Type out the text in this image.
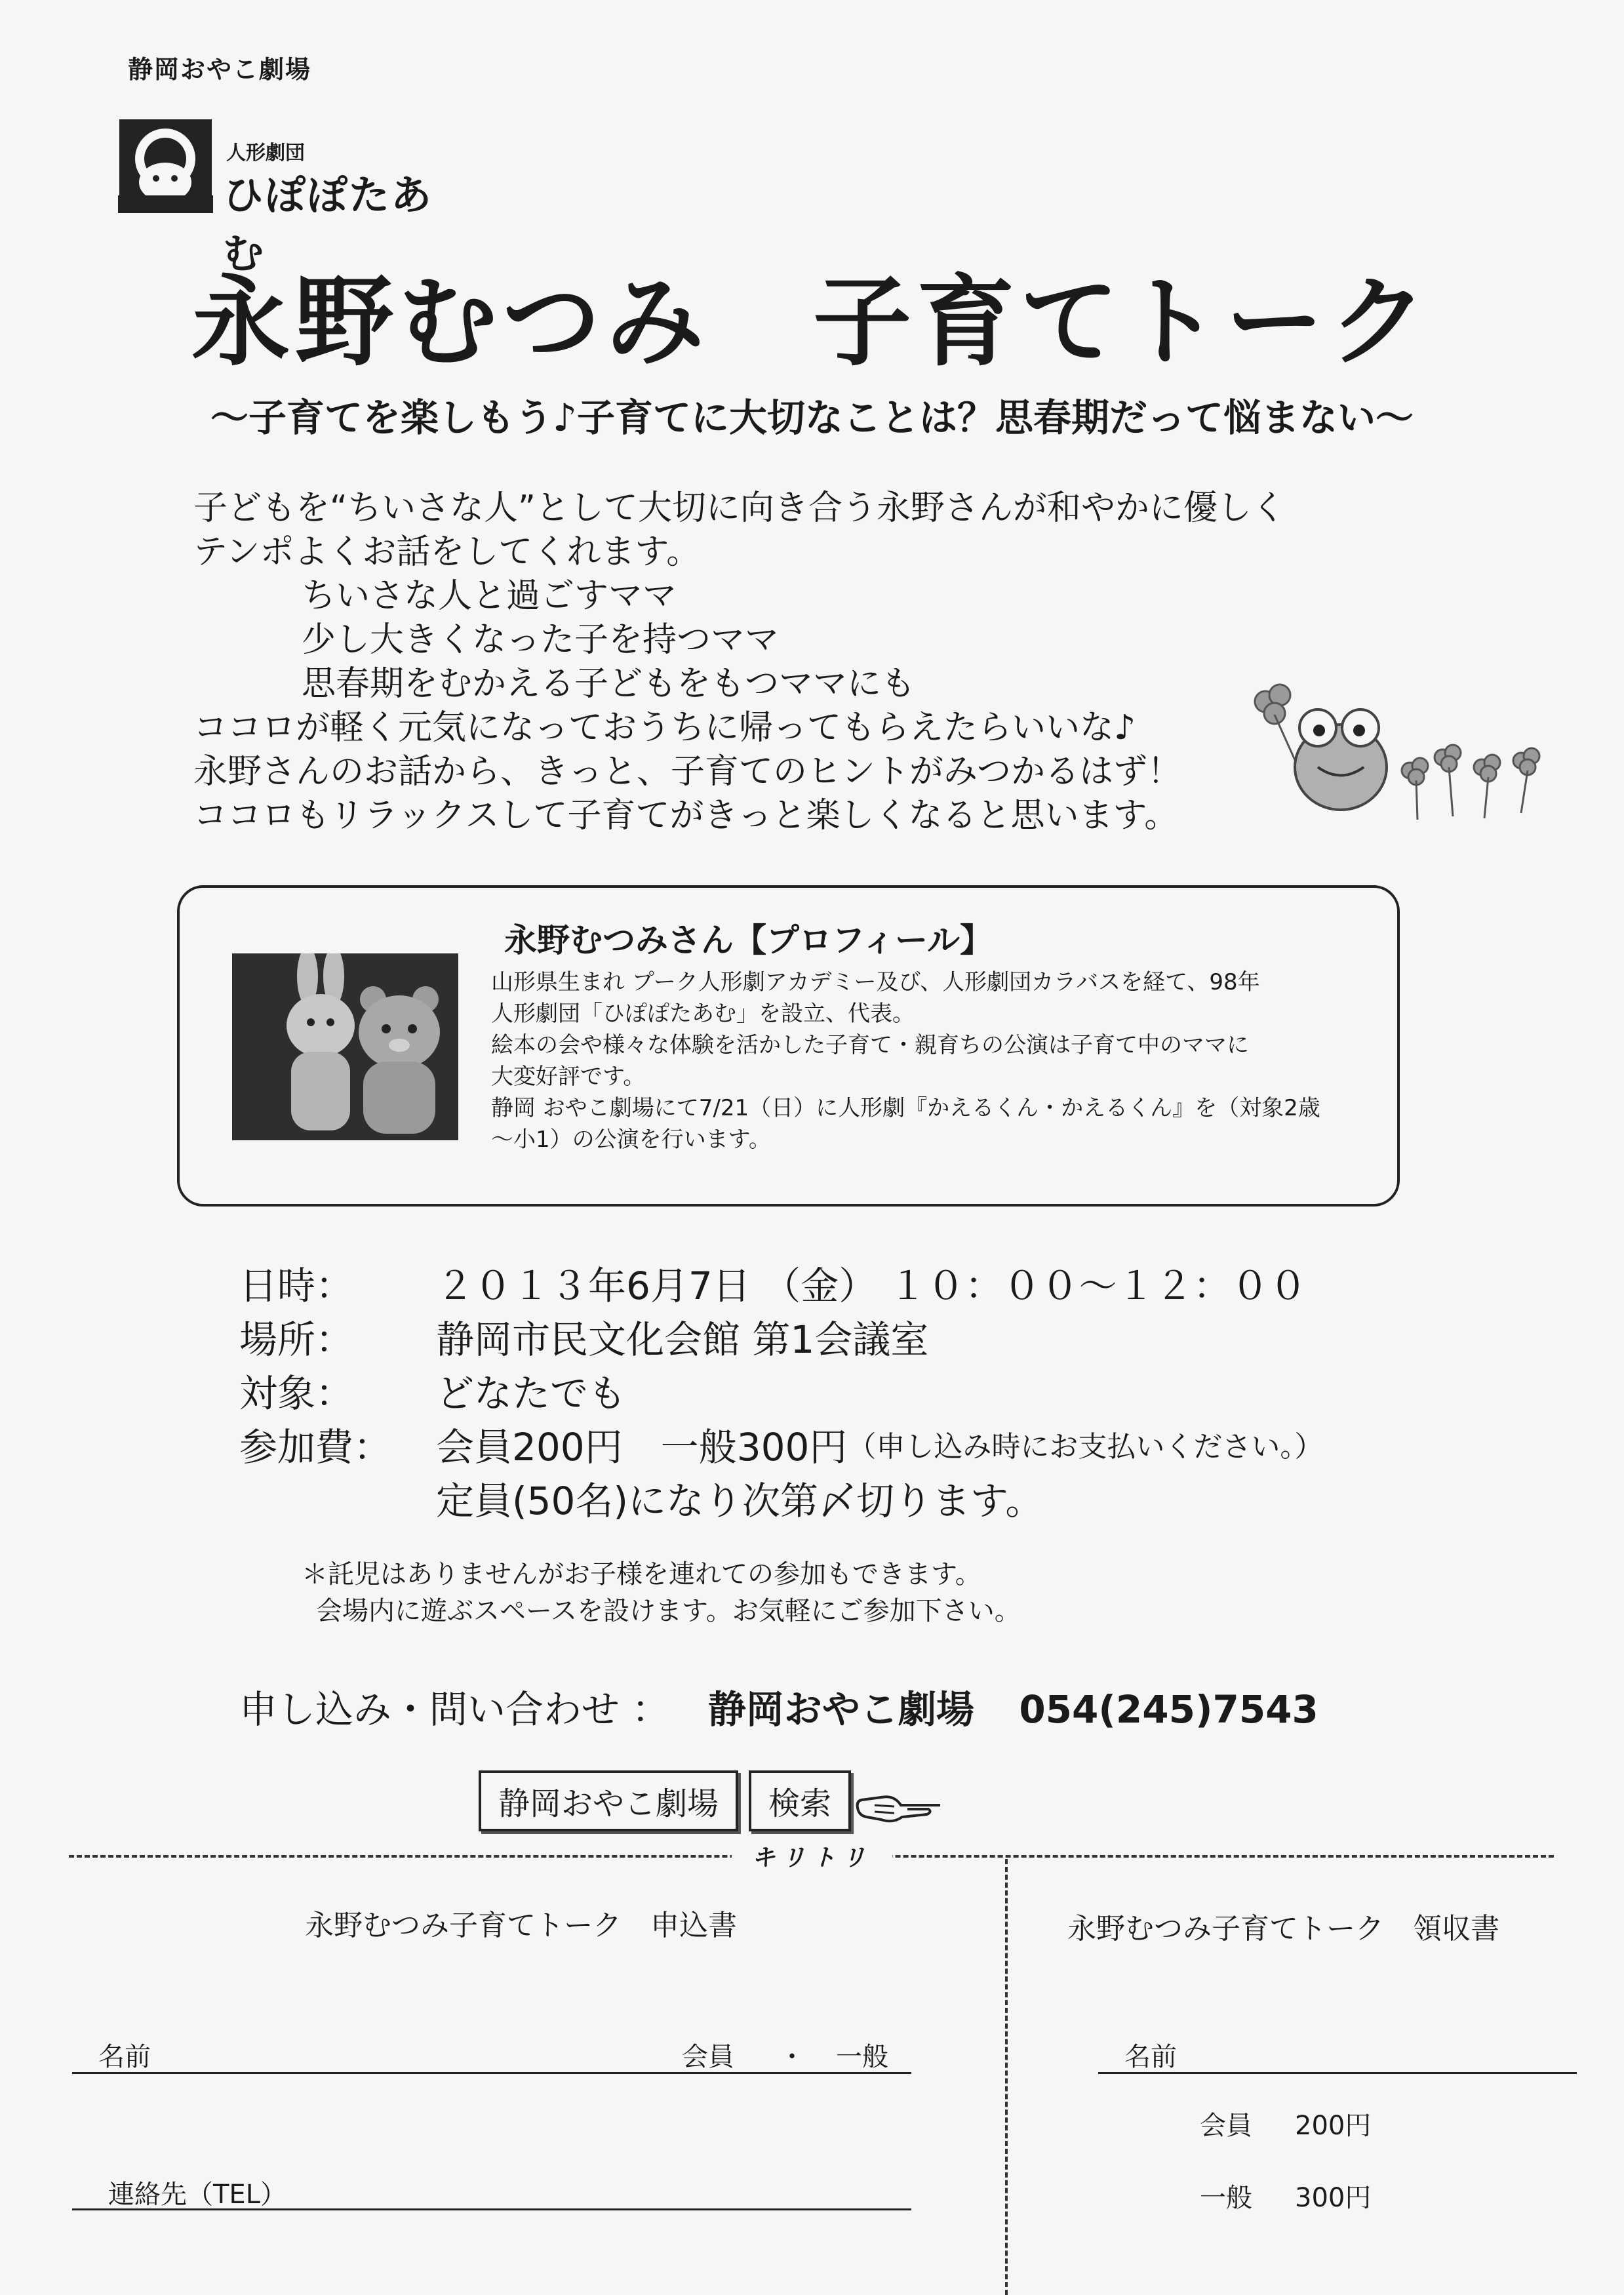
静岡おやこ劇場
人形劇団
ひぽぽたあむ
永野むつみ　子育てトーク
～子育てを楽しもう♪子育てに大切なことは？思春期だって悩まない～
子どもを“ちいさな人”として大切に向き合う永野さんが和やかに優しく
テンポよくお話をしてくれます。
ちいさな人と過ごすママ
少し大きくなった子を持つママ
思春期をむかえる子どもをもつママにも
ココロが軽く元気になっておうちに帰ってもらえたらいいな♪
永野さんのお話から、きっと、子育てのヒントがみつかるはず！
ココロもリラックスして子育てがきっと楽しくなると思います。
永野むつみさん【プロフィール】
山形県生まれ プーク人形劇アカデミー及び、人形劇団カラバスを経て、98年
人形劇団「ひぽぽたあむ」を設立、代表。
絵本の会や様々な体験を活かした子育て・親育ちの公演は子育て中のママに
大変好評です。
静岡 おやこ劇場にて7/21（日）に人形劇『かえるくん・かえるくん』を（対象2歳
～小1）の公演を行います。
日時：	２０１３年6月7日 （金） １０：００～１２：００
場所：	静岡市民文化会館 第1会議室
対象：	どなたでも
参加費：	会員200円　一般300円 （申し込み時にお支払いください。）
定員(50名)になり次第〆切ります。
＊託児はありませんがお子様を連れての参加もできます。
会場内に遊ぶスペースを設けます。お気軽にご参加下さい。
申し込み・問い合わせ ： 静岡おやこ劇場 054(245)7543
静岡おやこ劇場	検索
キリトリ
永野むつみ子育てトーク　申込書
名前	会員 ・ 一般
連絡先（TEL）
永野むつみ子育てトーク　領収書
名前
会員 200円
一般 300円
